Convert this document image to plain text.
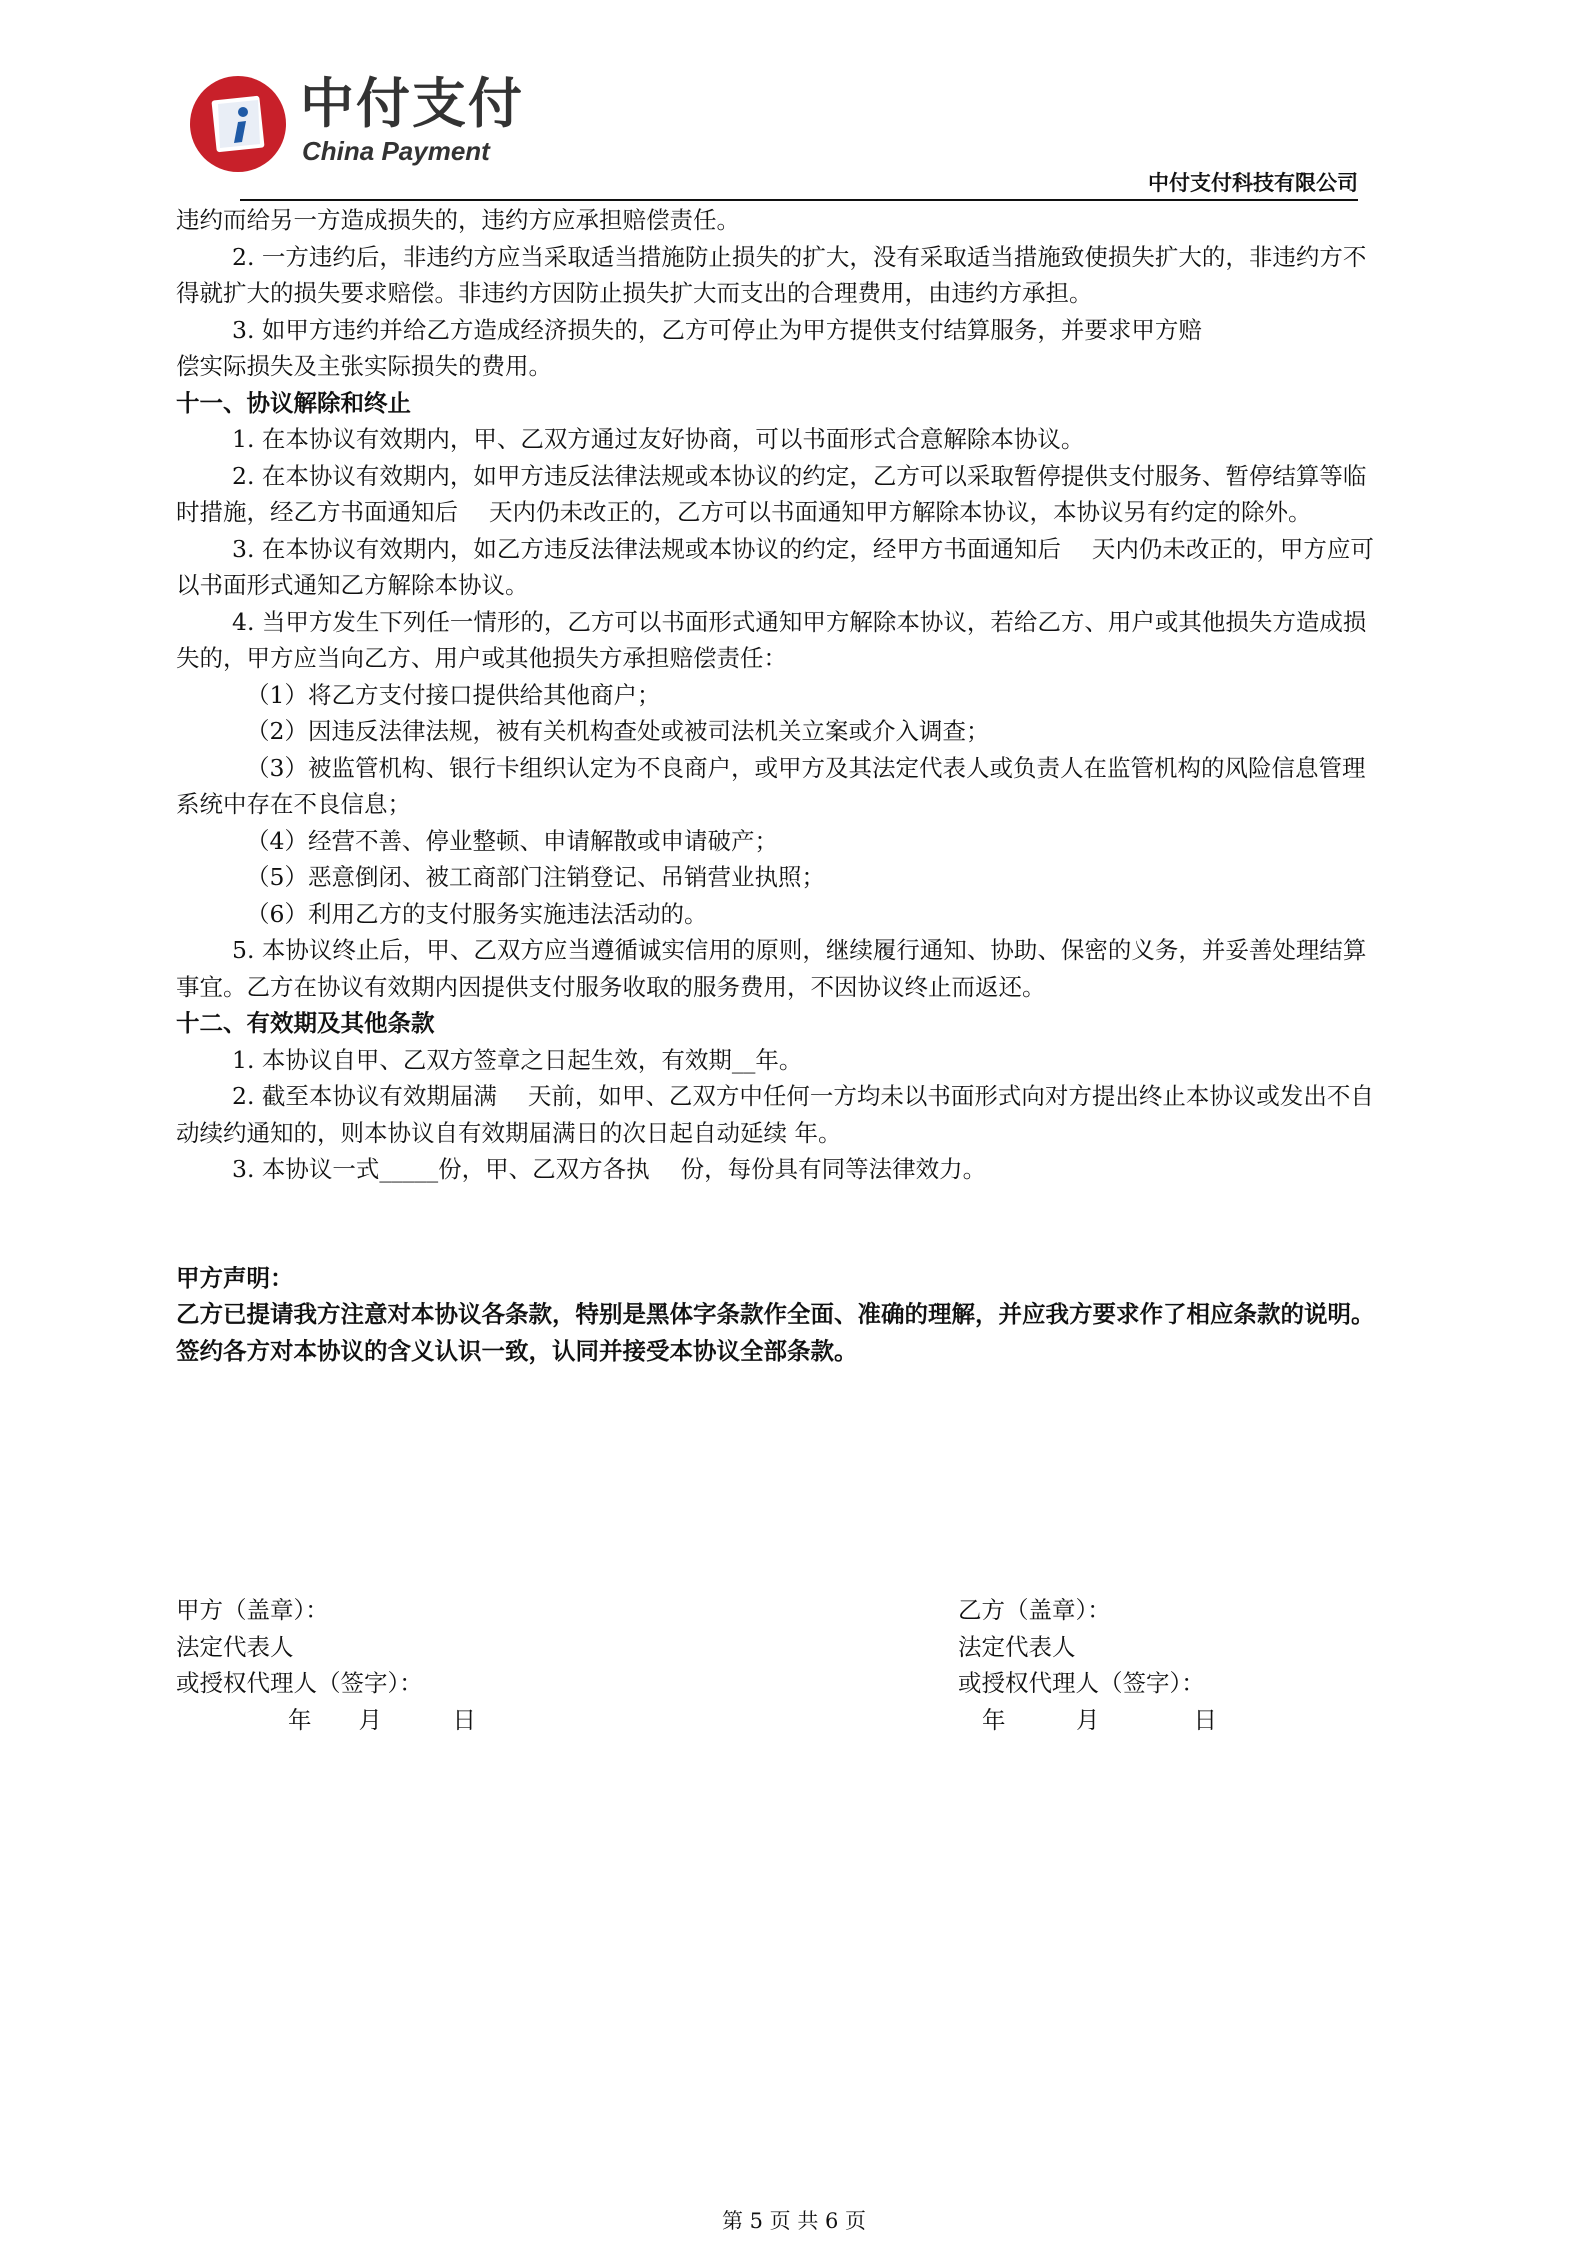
中付支付
China Payment
中付支付科技有限公司

违约而给另一方造成损失的，违约方应承担赔偿责任。

2. 一方违约后，非违约方应当采取适当措施防止损失的扩大，没有采取适当措施致使损失扩大的，非违约方不得就扩大的损失要求赔偿。非违约方因防止损失扩大而支出的合理费用，由违约方承担。

3. 如甲方违约并给乙方造成经济损失的，乙方可停止为甲方提供支付结算服务，并要求甲方赔

偿实际损失及主张实际损失的费用。

十一、协议解除和终止

1. 在本协议有效期内，甲、乙双方通过友好协商，可以书面形式合意解除本协议。

2. 在本协议有效期内，如甲方违反法律法规或本协议的约定，乙方可以采取暂停提供支付服务、暂停结算等临时措施，经乙方书面通知后　 天内仍未改正的，乙方可以书面通知甲方解除本协议，本协议另有约定的除外。

3. 在本协议有效期内，如乙方违反法律法规或本协议的约定，经甲方书面通知后　 天内仍未改正的，甲方应可以书面形式通知乙方解除本协议。

4. 当甲方发生下列任一情形的，乙方可以书面形式通知甲方解除本协议，若给乙方、用户或其他损失方造成损失的，甲方应当向乙方、用户或其他损失方承担赔偿责任：

（1）将乙方支付接口提供给其他商户；

（2）因违反法律法规，被有关机构查处或被司法机关立案或介入调查；

（3）被监管机构、银行卡组织认定为不良商户，或甲方及其法定代表人或负责人在监管机构的风险信息管理系统中存在不良信息；

（4）经营不善、停业整顿、申请解散或申请破产；

（5）恶意倒闭、被工商部门注销登记、吊销营业执照；

（6）利用乙方的支付服务实施违法活动的。

5. 本协议终止后，甲、乙双方应当遵循诚实信用的原则，继续履行通知、协助、保密的义务，并妥善处理结算事宜。乙方在协议有效期内因提供支付服务收取的服务费用，不因协议终止而返还。

十二、有效期及其他条款

1. 本协议自甲、乙双方签章之日起生效，有效期__年。

2. 截至本协议有效期届满　 天前，如甲、乙双方中任何一方均未以书面形式向对方提出终止本协议或发出不自动续约通知的，则本协议自有效期届满日的次日起自动延续 年。

3. 本协议一式_____份，甲、乙双方各执　 份，每份具有同等法律效力。

甲方声明：

乙方已提请我方注意对本协议各条款，特别是黑体字条款作全面、准确的理解，并应我方要求作了相应条款的说明。签约各方对本协议的含义认识一致，认同并接受本协议全部条款。

甲方（盖章）：

法定代表人

或授权代理人（签字）：

年　　月　　　日

乙方（盖章）：

法定代表人

或授权代理人（签字）：

年　　　月　　　　日

第 5 页 共 6 页
